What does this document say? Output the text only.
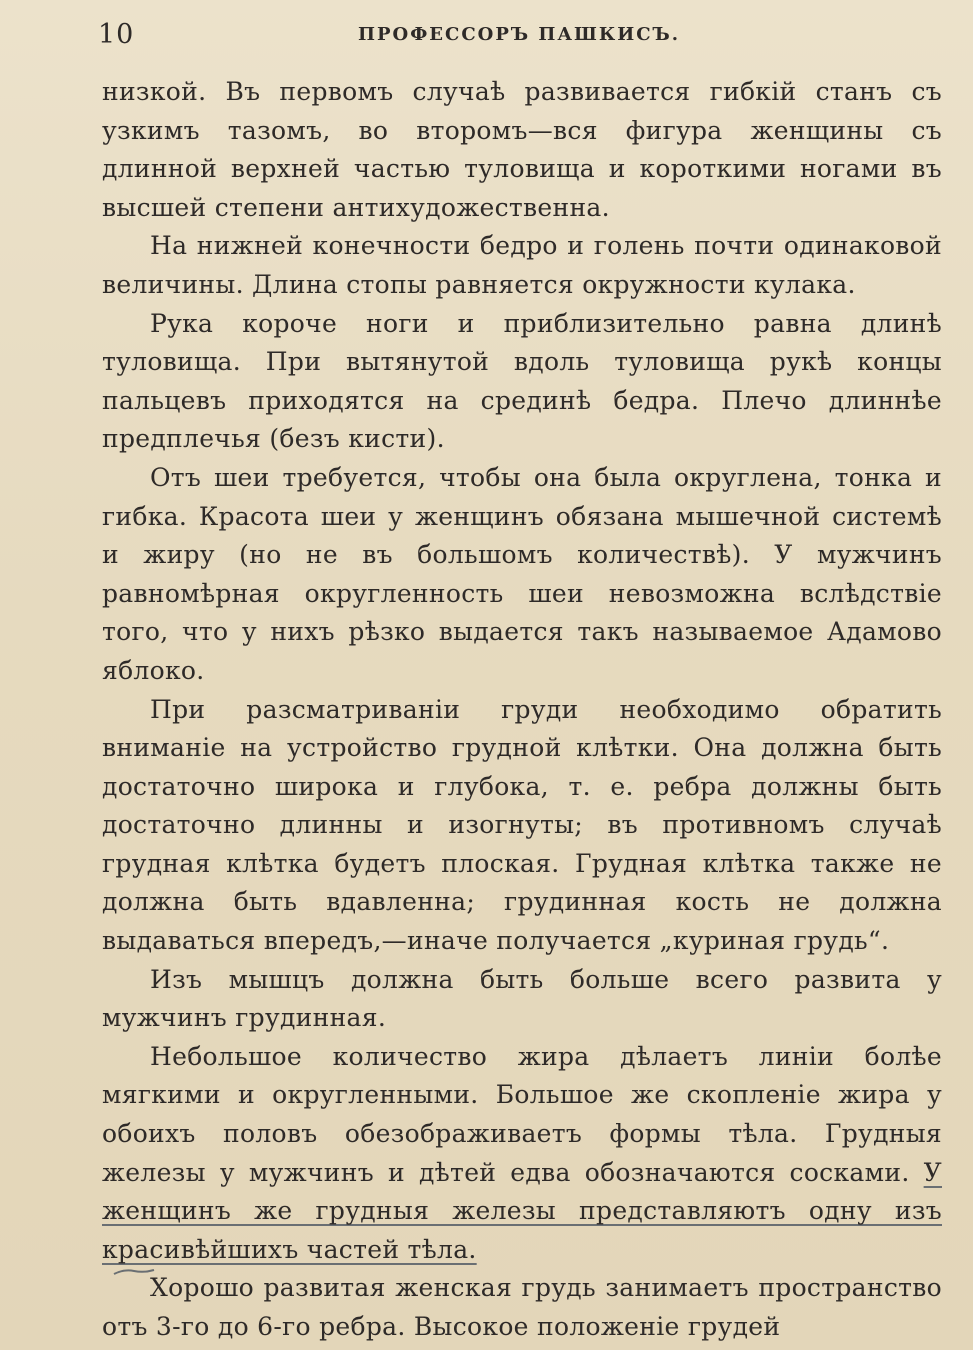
10	ПРОФЕССОРЪ ПАШКИСЪ.

низкой. Въ первомъ случаѣ развивается гибкій станъ съ узкимъ тазомъ, во второмъ—вся фигура женщины съ длинной верхней частью туловища и короткими ногами въ высшей степени антихудожественна.

На нижней конечности бедро и голень почти одинаковой величины. Длина стопы равняется окружности кулака.

Рука короче ноги и приблизительно равна длинѣ туловища. При вытянутой вдоль туловища рукѣ концы пальцевъ приходятся на срединѣ бедра. Плечо длиннѣе предплечья (безъ кисти).

Отъ шеи требуется, чтобы она была округлена, тонка и гибка. Красота шеи у женщинъ обязана мышечной системѣ и жиру (но не въ большомъ количествѣ). У мужчинъ равномѣрная округленность шеи невозможна вслѣдствіе того, что у нихъ рѣзко выдается такъ называемое Адамово яблоко.

При разсматриваніи груди необходимо обратить вниманіе на устройство грудной клѣтки. Она должна быть достаточно широка и глубока, т. е. ребра должны быть достаточно длинны и изогнуты; въ противномъ случаѣ грудная клѣтка будетъ плоская. Грудная клѣтка также не должна быть вдавленна; грудинная кость не должна выдаваться впередъ,—иначе получается „куриная грудь“.

Изъ мышцъ должна быть больше всего развита у мужчинъ грудинная.

Небольшое количество жира дѣлаетъ линіи болѣе мягкими и округленными. Большое же скопленіе жира у обоихъ половъ обезображиваетъ формы тѣла. Грудныя железы у мужчинъ и дѣтей едва обозначаются сосками. У женщинъ же грудныя железы представляютъ одну изъ красивѣйшихъ частей тѣла.

Хорошо развитая женская грудь занимаетъ пространство отъ 3-го до 6-го ребра. Высокое положеніе грудей
